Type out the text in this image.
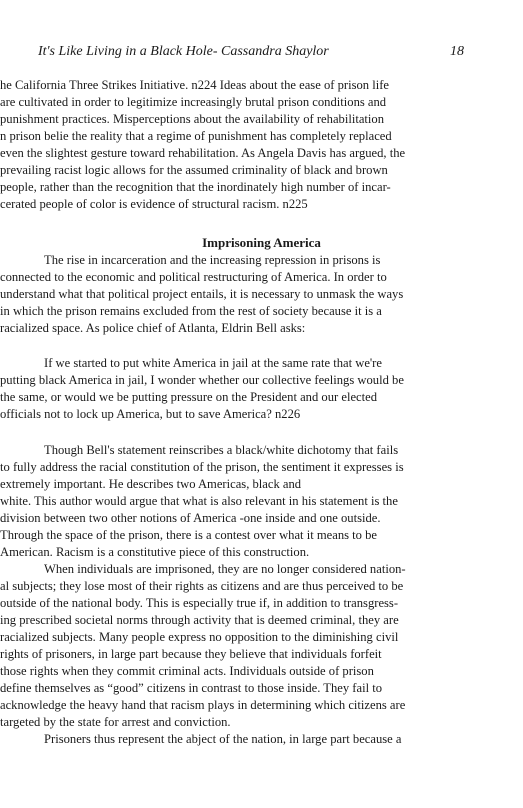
It's Like Living in a Black Hole- Cassandra Shaylor	18
he California Three Strikes Initiative. n224 Ideas about the ease of prison life
are cultivated in order to legitimize increasingly brutal prison conditions and
punishment practices. Misperceptions about the availability of rehabilitation
n prison belie the reality that a regime of punishment has completely replaced
even the slightest gesture toward rehabilitation. As Angela Davis has argued, the
prevailing racist logic allows for the assumed criminality of black and brown
people, rather than the recognition that the inordinately high number of incar-
cerated people of color is evidence of structural racism. n225
Imprisoning America
The rise in incarceration and the increasing repression in prisons is
connected to the economic and political restructuring of America. In order to
understand what that political project entails, it is necessary to unmask the ways
in which the prison remains excluded from the rest of society because it is a
racialized space. As police chief of Atlanta, Eldrin Bell asks:
If we started to put white America in jail at the same rate that we're
putting black America in jail, I wonder whether our collective feelings would be
the same, or would we be putting pressure on the President and our elected
officials not to lock up America, but to save America? n226
Though Bell's statement reinscribes a black/white dichotomy that fails
to fully address the racial constitution of the prison, the sentiment it expresses is
extremely important. He describes two Americas, black and
white. This author would argue that what is also relevant in his statement is the
division between two other notions of America -one inside and one outside.
Through the space of the prison, there is a contest over what it means to be
American. Racism is a constitutive piece of this construction.
When individuals are imprisoned, they are no longer considered nation-
al subjects; they lose most of their rights as citizens and are thus perceived to be
outside of the national body. This is especially true if, in addition to transgress-
ing prescribed societal norms through activity that is deemed criminal, they are
racialized subjects. Many people express no opposition to the diminishing civil
rights of prisoners, in large part because they believe that individuals forfeit
those rights when they commit criminal acts. Individuals outside of prison
define themselves as “good” citizens in contrast to those inside. They fail to
acknowledge the heavy hand that racism plays in determining which citizens are
targeted by the state for arrest and conviction.
Prisoners thus represent the abject of the nation, in large part because a
